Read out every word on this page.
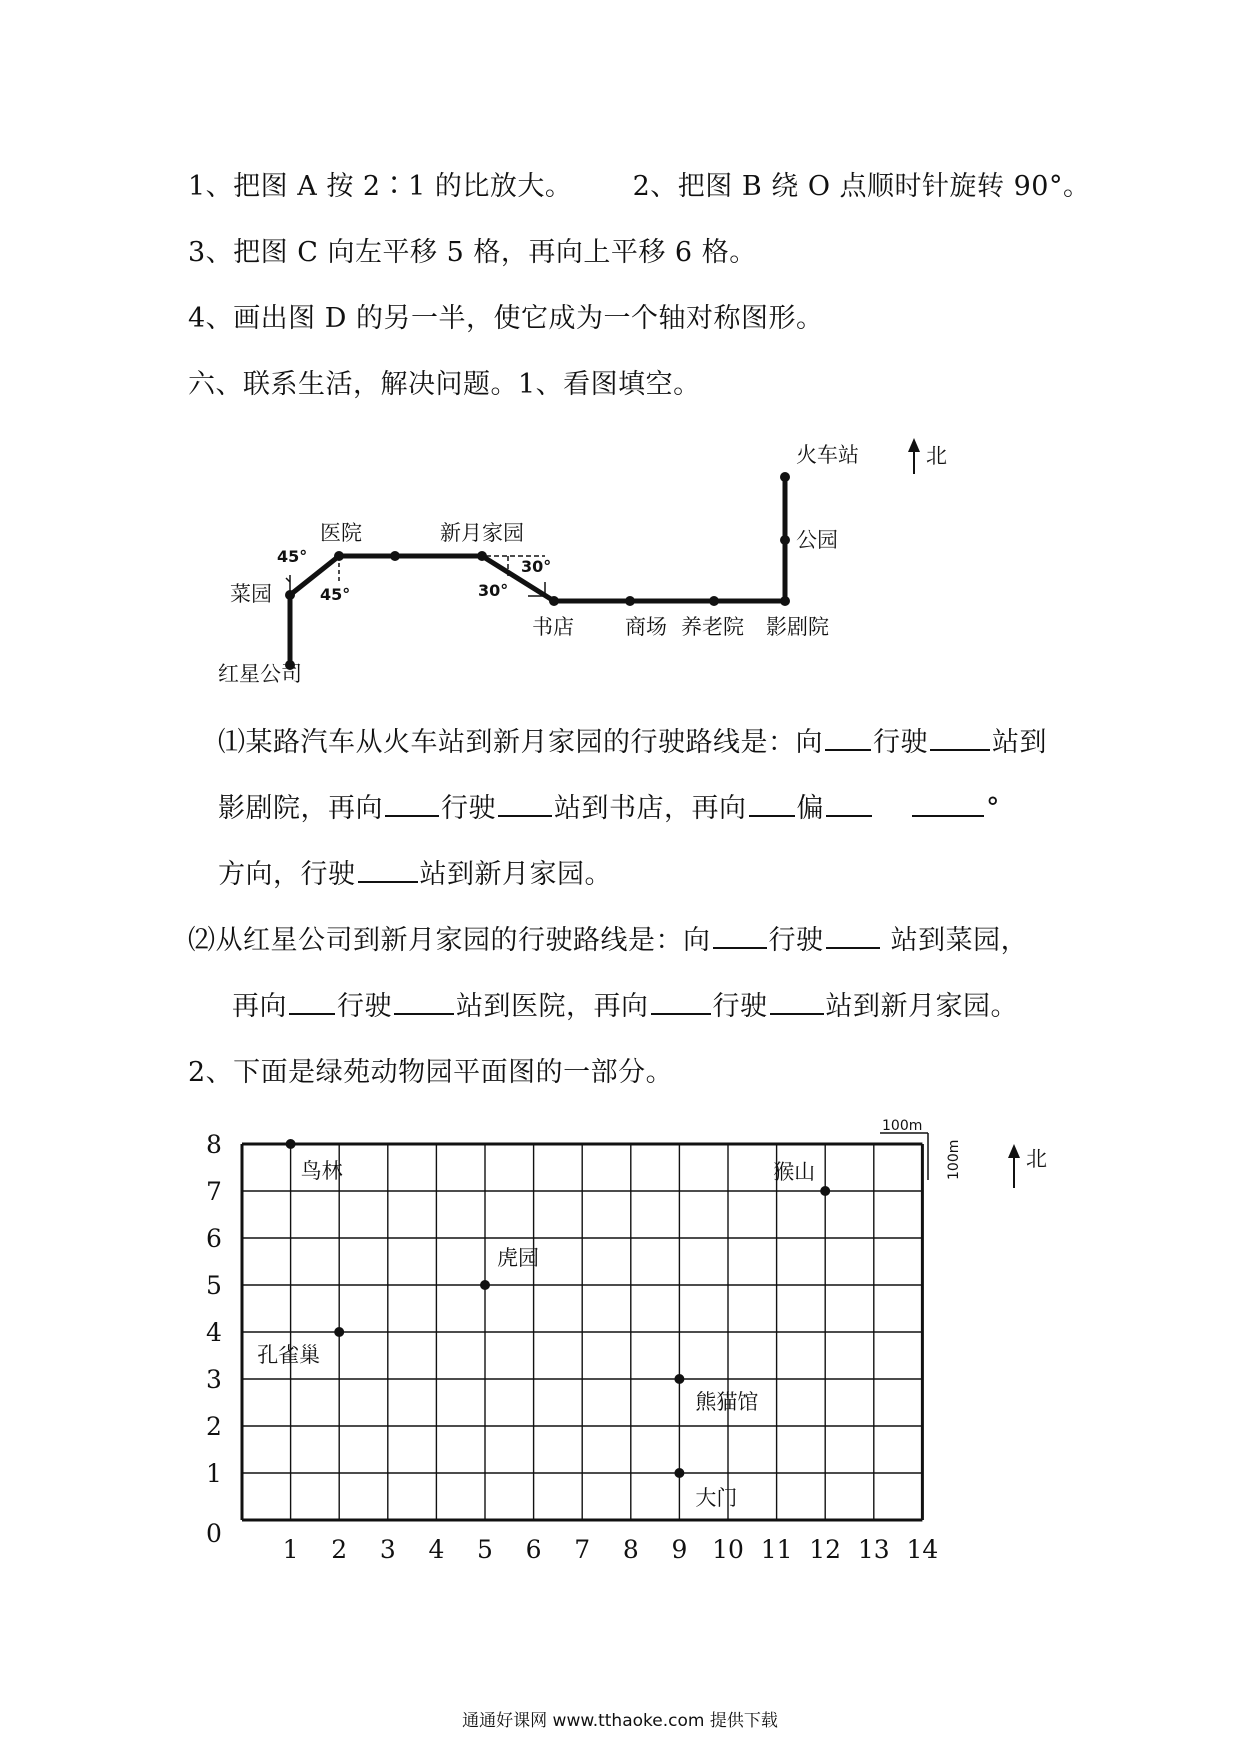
1、把图 A 按 2∶1 的比放大。 2、把图 B 绕 O 点顺时针旋转 90°。
3、把图 C 向左平移 5 格，再向上平移 6 格。
4、画出图 D 的另一半，使它成为一个轴对称图形。
六、联系生活，解决问题。1、看图填空。
45°
45°
30°
30°
红星公司
菜园
医院	新月家园
书店 商场 养老院 影剧院
公园
火车站	北
⑴某路汽车从火车站到新月家园的行驶路线是：向 行驶 站到
影剧院，再向 行驶 站到书店，再向 偏	°
方向，行驶 站到新月家园。
⑵从红星公司到新月家园的行驶路线是：向 行驶 站到菜园，
再向 行驶 站到医院，再向 行驶 站到新月家园。
2、下面是绿苑动物园平面图的一部分。
0
1 2 3 4 5 6 7 8 9 10 11 12 13 14
1
2
3
4
5
6
7
8
鸟林	猴山
虎园
孔雀巢
熊猫馆
大门
100m
100m	北
通通好课网 www.tthaoke.com 提供下载
